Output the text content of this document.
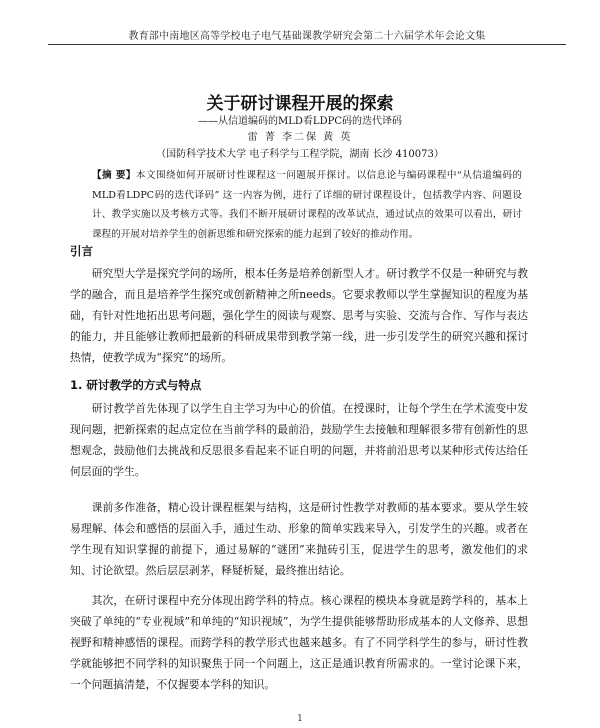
教育部中南地区高等学校电子电气基础课教学研究会第二十六届学术年会论文集
关于研讨课程开展的探索
——从信道编码的MLD看LDPC码的迭代译码
雷 菁 李二保 黄 英
（国防科学技术大学 电子科学与工程学院，湖南 长沙 410073）
【摘 要】本文围绕如何开展研讨性课程这一问题展开探讨。以信息论与编码课程中“从信道编码的MLD看LDPC码的迭代译码” 这一内容为例，进行了详细的研讨课程设计，包括教学内容、问题设计、教学实施以及考核方式等。我们不断开展研讨课程的改革试点，通过试点的效果可以看出，研讨课程的开展对培养学生的创新思维和研究探索的能力起到了较好的推动作用。
引言

研究型大学是探究学问的场所，根本任务是培养创新型人才。研讨教学不仅是一种研究与教学的融合，而且是培养学生探究或创新精神之所needs。它要求教师以学生掌握知识的程度为基础，有针对性地拓出思考问题，强化学生的阅读与观察、思考与实验、交流与合作、写作与表达的能力，并且能够让教师把最新的科研成果带到教学第一线，进一步引发学生的研究兴趣和探讨热情，使教学成为“探究”的场所。

1. 研讨教学的方式与特点

研讨教学首先体现了以学生自主学习为中心的价值。在授课时，让每个学生在学术流变中发现问题，把新探索的起点定位在当前学科的最前沿，鼓励学生去接触和理解很多带有创新性的思想观念，鼓励他们去挑战和反思很多看起来不证自明的问题，并将前沿思考以某种形式传达给任何层面的学生。

课前多作准备，精心设计课程框架与结构，这是研讨性教学对教师的基本要求。要从学生较易理解、体会和感悟的层面入手，通过生动、形象的简单实践来导入，引发学生的兴趣。或者在学生现有知识掌握的前提下，通过易解的“谜团”来抛砖引玉，促进学生的思考，激发他们的求知、讨论欲望。然后层层剥茅，释疑析疑，最终推出结论。

其次，在研讨课程中充分体现出跨学科的特点。核心课程的模块本身就是跨学科的，基本上突破了单纯的“专业视域”和单纯的“知识视域”，为学生提供能够帮助形成基本的人文修养、思想视野和精神感悟的课程。而跨学科的教学形式也越来越多。有了不同学科学生的参与，研讨性教学就能够把不同学科的知识聚焦于同一个问题上，这正是通识教育所需求的。一堂讨论课下来，一个问题搞清楚，不仅握要本学科的知识。

1
